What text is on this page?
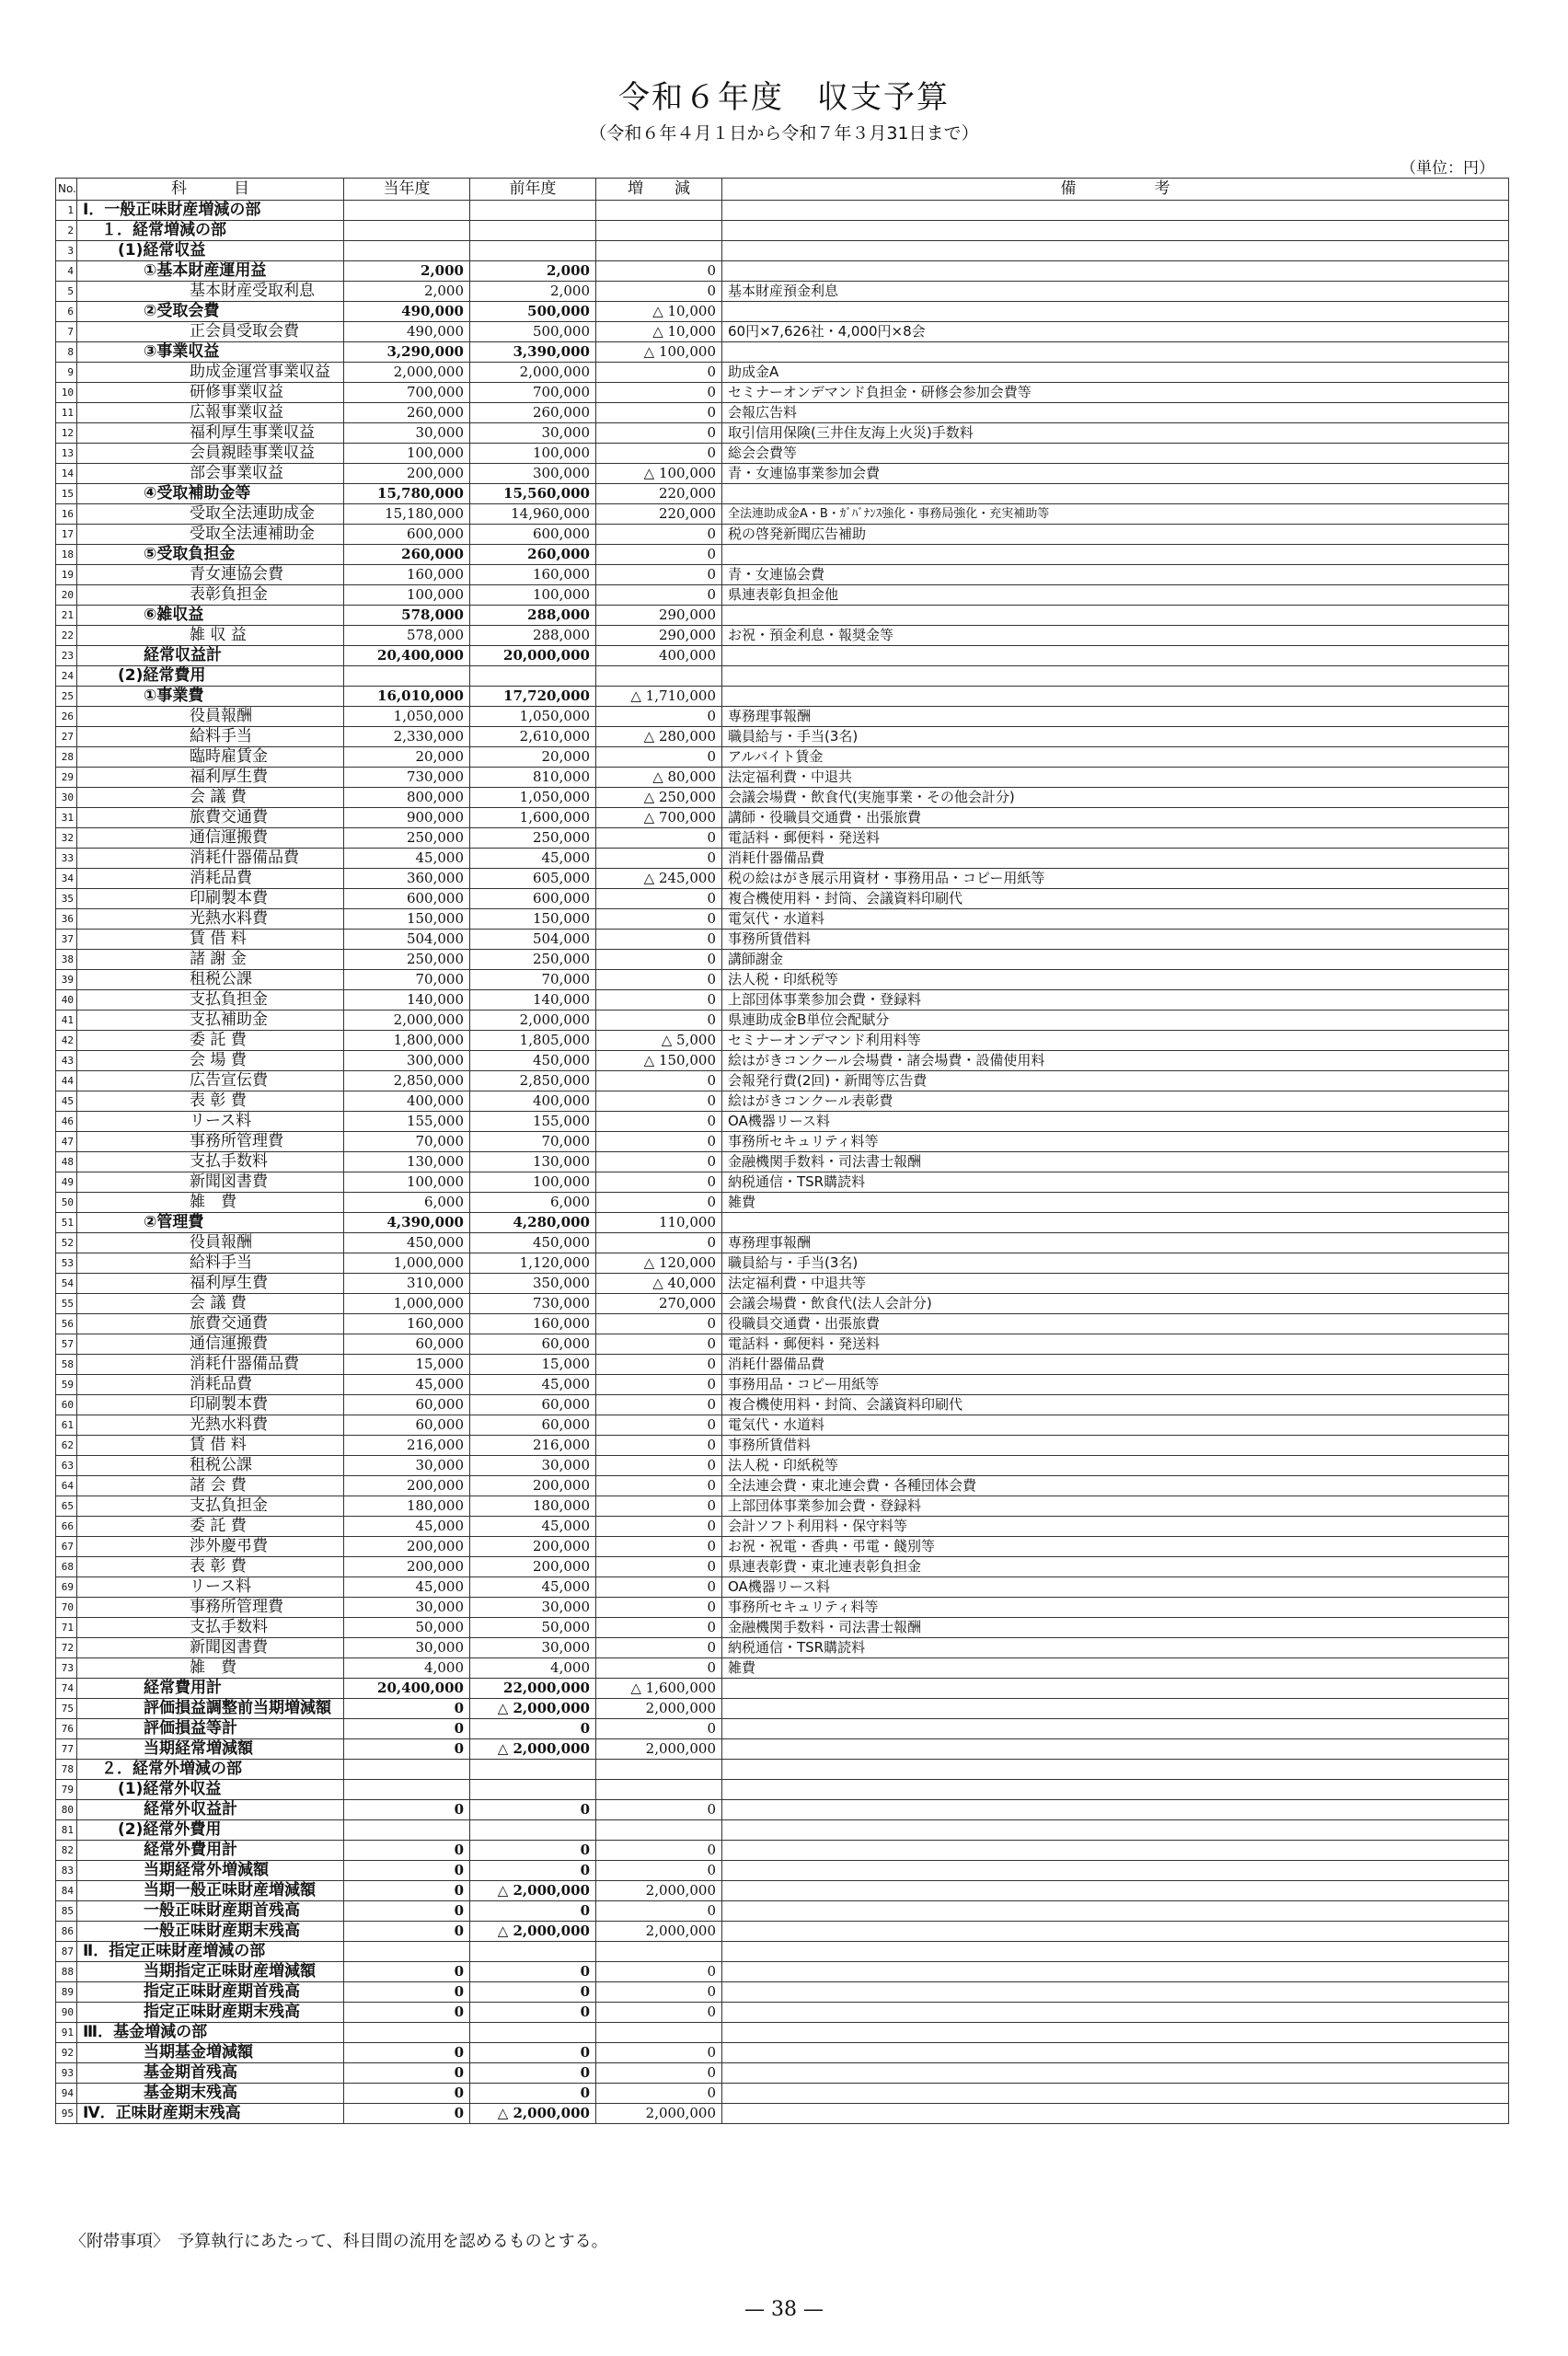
令和６年度　収支予算
（令和６年４月１日から令和７年３月31日まで）
（単位：円）
No.	科　　　目	当年度	前年度	増　　減	備　　　　　考
1	Ⅰ．一般正味財産増減の部				
2	１．経常増減の部				
3	(1)経常収益				
4	①基本財産運用益	2,000	2,000	0	
5	基本財産受取利息	2,000	2,000	0	基本財産預金利息
6	②受取会費	490,000	500,000	△ 10,000	
7	正会員受取会費	490,000	500,000	△ 10,000	60円×7,626社・4,000円×8会
8	③事業収益	3,290,000	3,390,000	△ 100,000	
9	助成金運営事業収益	2,000,000	2,000,000	0	助成金A
10	研修事業収益	700,000	700,000	0	セミナーオンデマンド負担金・研修会参加会費等
11	広報事業収益	260,000	260,000	0	会報広告料
12	福利厚生事業収益	30,000	30,000	0	取引信用保険(三井住友海上火災)手数料
13	会員親睦事業収益	100,000	100,000	0	総会会費等
14	部会事業収益	200,000	300,000	△ 100,000	青・女連協事業参加会費
15	④受取補助金等	15,780,000	15,560,000	220,000	
16	受取全法連助成金	15,180,000	14,960,000	220,000	全法連助成金A・B・ｶﾞﾊﾞﾅﾝｽ強化・事務局強化・充実補助等
17	受取全法連補助金	600,000	600,000	0	税の啓発新聞広告補助
18	⑤受取負担金	260,000	260,000	0	
19	青女連協会費	160,000	160,000	0	青・女連協会費
20	表彰負担金	100,000	100,000	0	県連表彰負担金他
21	⑥雑収益	578,000	288,000	290,000	
22	雑 収 益	578,000	288,000	290,000	お祝・預金利息・報奨金等
23	経常収益計	20,400,000	20,000,000	400,000	
24	(2)経常費用				
25	①事業費	16,010,000	17,720,000	△ 1,710,000	
26	役員報酬	1,050,000	1,050,000	0	専務理事報酬
27	給料手当	2,330,000	2,610,000	△ 280,000	職員給与・手当(3名)
28	臨時雇賃金	20,000	20,000	0	アルバイト賃金
29	福利厚生費	730,000	810,000	△ 80,000	法定福利費・中退共
30	会 議 費	800,000	1,050,000	△ 250,000	会議会場費・飲食代(実施事業・その他会計分)
31	旅費交通費	900,000	1,600,000	△ 700,000	講師・役職員交通費・出張旅費
32	通信運搬費	250,000	250,000	0	電話料・郵便料・発送料
33	消耗什器備品費	45,000	45,000	0	消耗什器備品費
34	消耗品費	360,000	605,000	△ 245,000	税の絵はがき展示用資材・事務用品・コピー用紙等
35	印刷製本費	600,000	600,000	0	複合機使用料・封筒、会議資料印刷代
36	光熱水料費	150,000	150,000	0	電気代・水道料
37	賃 借 料	504,000	504,000	0	事務所賃借料
38	諸 謝 金	250,000	250,000	0	講師謝金
39	租税公課	70,000	70,000	0	法人税・印紙税等
40	支払負担金	140,000	140,000	0	上部団体事業参加会費・登録料
41	支払補助金	2,000,000	2,000,000	0	県連助成金B単位会配賦分
42	委 託 費	1,800,000	1,805,000	△ 5,000	セミナーオンデマンド利用料等
43	会 場 費	300,000	450,000	△ 150,000	絵はがきコンクール会場費・諸会場費・設備使用料
44	広告宣伝費	2,850,000	2,850,000	0	会報発行費(2回)・新聞等広告費
45	表 彰 費	400,000	400,000	0	絵はがきコンクール表彰費
46	リース料	155,000	155,000	0	OA機器リース料
47	事務所管理費	70,000	70,000	0	事務所セキュリティ料等
48	支払手数料	130,000	130,000	0	金融機関手数料・司法書士報酬
49	新聞図書費	100,000	100,000	0	納税通信・TSR購読料
50	雑　費	6,000	6,000	0	雑費
51	②管理費	4,390,000	4,280,000	110,000	
52	役員報酬	450,000	450,000	0	専務理事報酬
53	給料手当	1,000,000	1,120,000	△ 120,000	職員給与・手当(3名)
54	福利厚生費	310,000	350,000	△ 40,000	法定福利費・中退共等
55	会 議 費	1,000,000	730,000	270,000	会議会場費・飲食代(法人会計分)
56	旅費交通費	160,000	160,000	0	役職員交通費・出張旅費
57	通信運搬費	60,000	60,000	0	電話料・郵便料・発送料
58	消耗什器備品費	15,000	15,000	0	消耗什器備品費
59	消耗品費	45,000	45,000	0	事務用品・コピー用紙等
60	印刷製本費	60,000	60,000	0	複合機使用料・封筒、会議資料印刷代
61	光熱水料費	60,000	60,000	0	電気代・水道料
62	賃 借 料	216,000	216,000	0	事務所賃借料
63	租税公課	30,000	30,000	0	法人税・印紙税等
64	諸 会 費	200,000	200,000	0	全法連会費・東北連会費・各種団体会費
65	支払負担金	180,000	180,000	0	上部団体事業参加会費・登録料
66	委 託 費	45,000	45,000	0	会計ソフト利用料・保守料等
67	渉外慶弔費	200,000	200,000	0	お祝・祝電・香典・弔電・餞別等
68	表 彰 費	200,000	200,000	0	県連表彰費・東北連表彰負担金
69	リース料	45,000	45,000	0	OA機器リース料
70	事務所管理費	30,000	30,000	0	事務所セキュリティ料等
71	支払手数料	50,000	50,000	0	金融機関手数料・司法書士報酬
72	新聞図書費	30,000	30,000	0	納税通信・TSR購読料
73	雑　費	4,000	4,000	0	雑費
74	経常費用計	20,400,000	22,000,000	△ 1,600,000	
75	評価損益調整前当期増減額	0	△ 2,000,000	2,000,000	
76	評価損益等計	0	0	0	
77	当期経常増減額	0	△ 2,000,000	2,000,000	
78	２．経常外増減の部				
79	(1)経常外収益				
80	経常外収益計	0	0	0	
81	(2)経常外費用				
82	経常外費用計	0	0	0	
83	当期経常外増減額	0	0	0	
84	当期一般正味財産増減額	0	△ 2,000,000	2,000,000	
85	一般正味財産期首残高	0	0	0	
86	一般正味財産期末残高	0	△ 2,000,000	2,000,000	
87	Ⅱ．指定正味財産増減の部				
88	当期指定正味財産増減額	0	0	0	
89	指定正味財産期首残高	0	0	0	
90	指定正味財産期末残高	0	0	0	
91	Ⅲ．基金増減の部				
92	当期基金増減額	0	0	0	
93	基金期首残高	0	0	0	
94	基金期末残高	0	0	0	
95	Ⅳ．正味財産期末残高	0	△ 2,000,000	2,000,000	
〈附帯事項〉　予算執行にあたって、科目間の流用を認めるものとする。
— 38 —
